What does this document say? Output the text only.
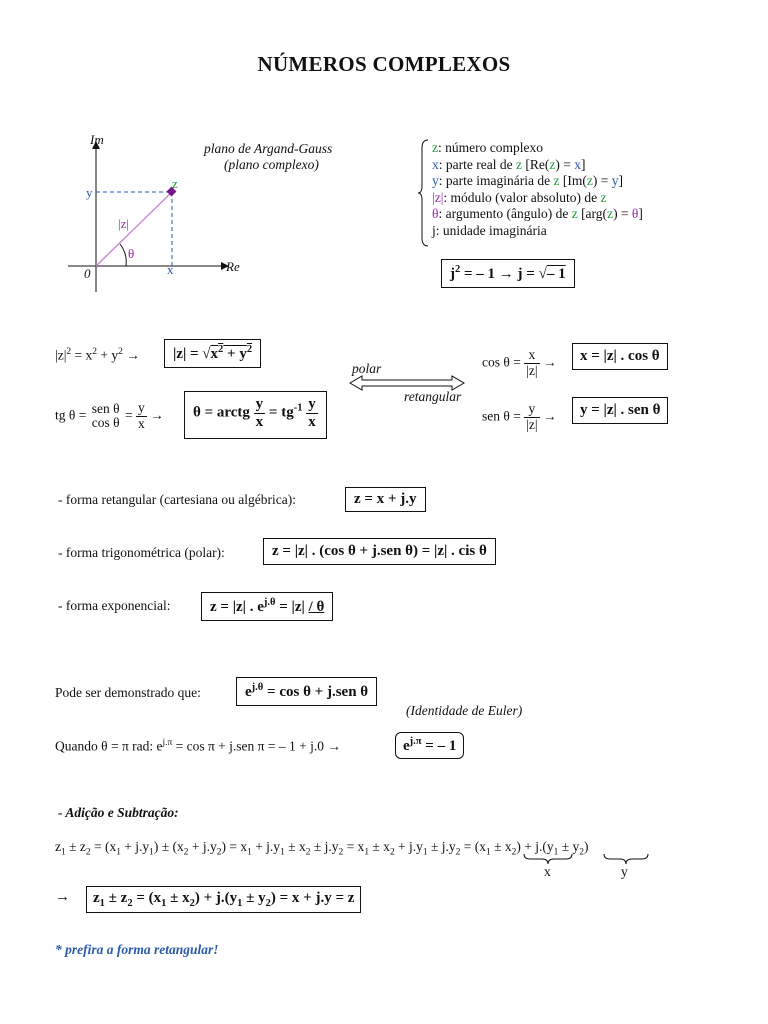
NÚMEROS COMPLEXOS
Im
Re
0
z
x
y
|z|
θ
plano de Argand-Gauss
(plano complexo)
z: número complexo
x: parte real de z [Re(z) = x]
y: parte imaginária de z [Im(z) = y]
|z|: módulo (valor absoluto) de z
θ: argumento (ângulo) de z [arg(z) = θ]
j: unidade imaginária
$j^2$ = – 1 → j = √– 1
$|z|^2 = x^2 + y^2$ →	$|z| = √x^2 + y^2$
tg θ = sen θ
cos θ
= $\frac{y}{x}$ →	θ = arctg $\frac{y}{x} = tg^{-1} \frac{y}{x}$
polar
retangular
$\cos \theta = \frac{x}{|z|}$ →	x = |z| . cos θ
sen $\theta = \frac{y}{|z|}$ →	y = |z| . sen θ
- forma retangular (cartesiana ou algébrica):	z = x + j.y
- forma trigonométrica (polar):	z = |z| . (cos θ + j.sen θ) = |z| . cis θ
- forma exponencial:	z = |z| . $e^{j.\theta} = |z| / \theta$
Pode ser demonstrado que:	$e^{j.\theta} = \cos \theta + j.sen$ θ
(Identidade de Euler)
Quando θ = π rad: $e^{j.\pi} = \cos \pi + j.sen$ π = – 1 + j.0 →	$e^{j.\pi}$ = – 1
- Adição e Subtração:
$z_1 \pm z_2 = (x_1 + j.y_1) \pm (x_2 + j.y_2) = x_1 + j.y_1 \pm x_2 \pm j.y_2 = x_1 \pm x_2 + j.y_1 \pm j.y_2 = (x_1 \pm x_2) + j.(y_1 \pm y_2)$
x	y
→	$z_1 \pm z_2 = (x_1 \pm x_2) + j.(y_1 \pm y_2) = x + j.y = z$
* prefira a forma retangular!
